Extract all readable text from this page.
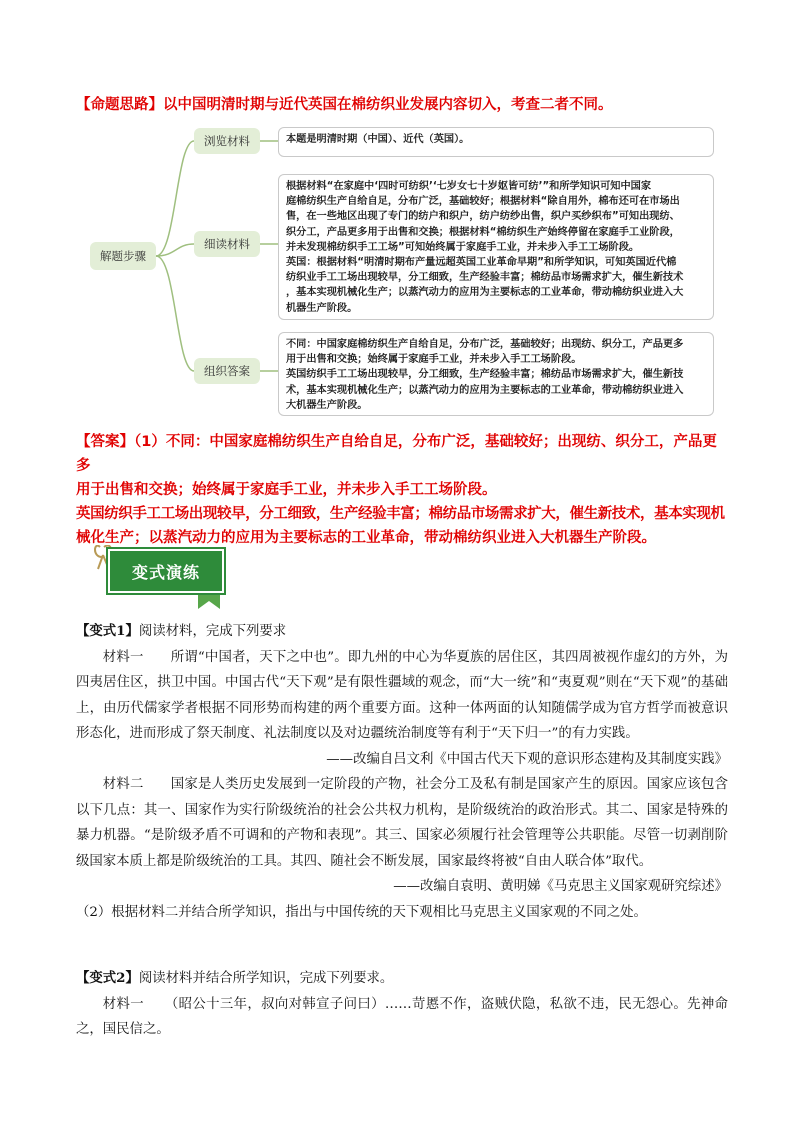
【命题思路】以中国明清时期与近代英国在棉纺织业发展内容切入，考查二者不同。
解题步骤
浏览材料
细读材料
组织答案

本题是明清时期（中国）、近代（英国）。

根据材料“在家庭中‘四时可纺织’‘七岁女七十岁妪皆可纺’”和所学知识可知中国家

庭棉纺织生产自给自足，分布广泛，基础较好；根据材料“除自用外，棉布还可在市场出

售，在一些地区出现了专门的纺户和织户，纺户纺纱出售，织户买纱织布”可知出现纺、

织分工，产品更多用于出售和交换；根据材料“棉纺织生产始终停留在家庭手工业阶段，

并未发现棉纺织手工工场”可知始终属于家庭手工业，并未步入手工工场阶段。

英国：根据材料“明清时期布产量远超英国工业革命早期”和所学知识，可知英国近代棉

纺织业手工工场出现较早，分工细致，生产经验丰富；棉纺品市场需求扩大，催生新技术

，基本实现机械化生产；以蒸汽动力的应用为主要标志的工业革命，带动棉纺织业进入大

机器生产阶段。

不同：中国家庭棉纺织生产自给自足，分布广泛，基础较好；出现纺、织分工，产品更多

用于出售和交换；始终属于家庭手工业，并未步入手工工场阶段。

英国纺织手工工场出现较早，分工细致，生产经验丰富；棉纺品市场需求扩大，催生新技

术，基本实现机械化生产；以蒸汽动力的应用为主要标志的工业革命，带动棉纺织业进入

大机器生产阶段。

【答案】（1）不同：中国家庭棉纺织生产自给自足，分布广泛，基础较好；出现纺、织分工，产品更多

用于出售和交换；始终属于家庭手工业，并未步入手工工场阶段。

英国纺织手工工场出现较早，分工细致，生产经验丰富；棉纺品市场需求扩大，催生新技术，基本实现机

械化生产；以蒸汽动力的应用为主要标志的工业革命，带动棉纺织业进入大机器生产阶段。

变式演练

【变式1】阅读材料，完成下列要求

材料一　　所谓“中国者，天下之中也”。即九州的中心为华夏族的居住区，其四周被视作虚幻的方外，为四夷居住区，拱卫中国。中国古代“天下观”是有限性疆域的观念，而“大一统”和“夷夏观”则在“天下观”的基础上，由历代儒家学者根据不同形势而构建的两个重要方面。这种一体两面的认知随儒学成为官方哲学而被意识形态化，进而形成了祭天制度、礼法制度以及对边疆统治制度等有利于“天下归一”的有力实践。

——改编自吕文利《中国古代天下观的意识形态建构及其制度实践》

材料二　　国家是人类历史发展到一定阶段的产物，社会分工及私有制是国家产生的原因。国家应该包含以下几点：其一、国家作为实行阶级统治的社会公共权力机构，是阶级统治的政治形式。其二、国家是特殊的暴力机器。“是阶级矛盾不可调和的产物和表现”。其三、国家必须履行社会管理等公共职能。尽管一切剥削阶级国家本质上都是阶级统治的工具。其四、随社会不断发展，国家最终将被“自由人联合体”取代。

——改编自袁明、黄明娣《马克思主义国家观研究综述》

（2）根据材料二并结合所学知识，指出与中国传统的天下观相比马克思主义国家观的不同之处。

【变式2】阅读材料并结合所学知识，完成下列要求。

材料一　　（昭公十三年，叔向对韩宣子问曰）……苛慝不作，盗贼伏隐，私欲不违，民无怨心。先神命之，国民信之。
